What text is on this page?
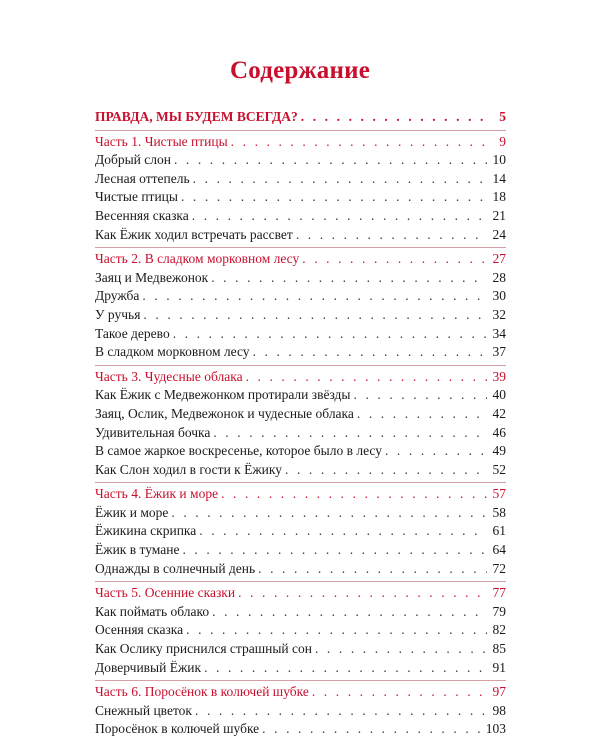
Содержание
ПРАВДА, МЫ БУДЕМ ВСЕГДА? . . .	5
Часть 1. Чистые птицы . . .	9
Добрый слон . . .	10
Лесная оттепель . . .	14
Чистые птицы . . .	18
Весенняя сказка . . .	21
Как Ёжик ходил встречать рассвет . . .	24
Часть 2. В сладком морковном лесу . . .	27
Заяц и Медвежонок . . .	28
Дружба . . .	30
У ручья . . .	32
Такое дерево . . .	34
В сладком морковном лесу . . .	37
Часть 3. Чудесные облака . . .	39
Как Ёжик с Медвежонком протирали звёзды . . .	40
Заяц, Ослик, Медвежонок и чудесные облака . . .	42
Удивительная бочка . . .	46
В самое жаркое воскресенье, которое было в лесу . . .	49
Как Слон ходил в гости к Ёжику . . .	52
Часть 4. Ёжик и море . . .	57
Ёжик и море . . .	58
Ёжикина скрипка . . .	61
Ёжик в тумане . . .	64
Однажды в солнечный день . . .	72
Часть 5. Осенние сказки . . .	77
Как поймать облако . . .	79
Осенняя сказка . . .	82
Как Ослику приснился страшный сон . . .	85
Доверчивый Ёжик . . .	91
Часть 6. Поросёнок в колючей шубке . . .	97
Снежный цветок . . .	98
Поросёнок в колючей шубке . . .	103
